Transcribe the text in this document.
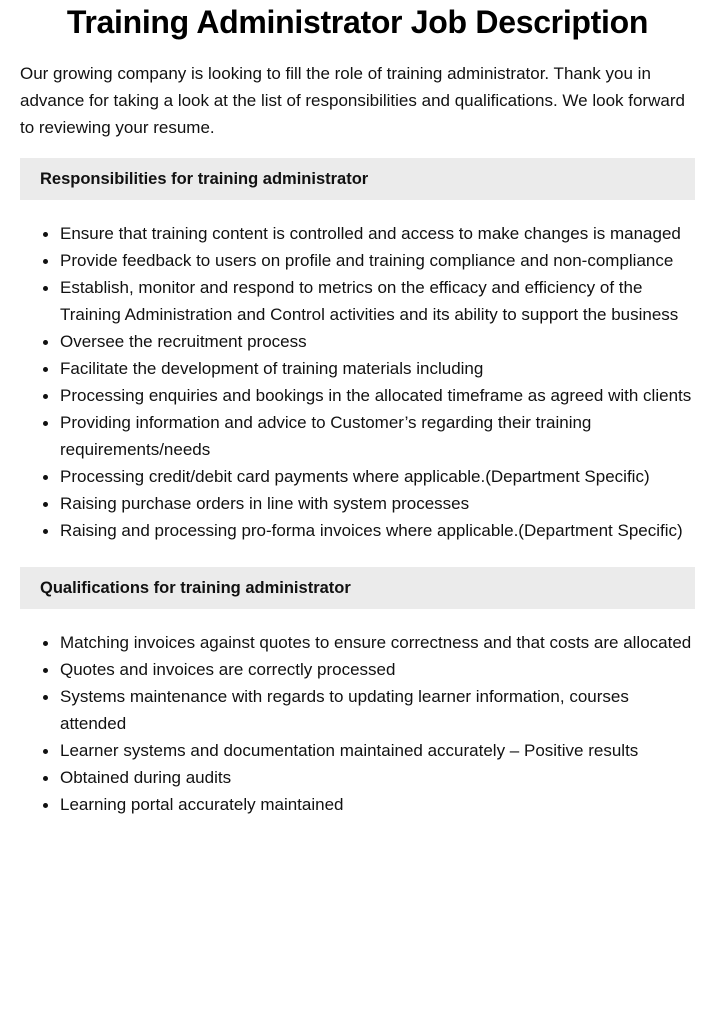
Training Administrator Job Description

Our growing company is looking to fill the role of training administrator. Thank you in advance for taking a look at the list of responsibilities and qualifications. We look forward to reviewing your resume.

Responsibilities for training administrator
Ensure that training content is controlled and access to make changes is managed
Provide feedback to users on profile and training compliance and non-compliance
Establish, monitor and respond to metrics on the efficacy and efficiency of the Training Administration and Control activities and its ability to support the business
Oversee the recruitment process
Facilitate the development of training materials including
Processing enquiries and bookings in the allocated timeframe as agreed with clients
Providing information and advice to Customer’s regarding their training requirements/needs
Processing credit/debit card payments where applicable.(Department Specific)
Raising purchase orders in line with system processes
Raising and processing pro-forma invoices where applicable.(Department Specific)
Qualifications for training administrator
Matching invoices against quotes to ensure correctness and that costs are allocated
Quotes and invoices are correctly processed
Systems maintenance with regards to updating learner information, courses attended
Learner systems and documentation maintained accurately – Positive results
Obtained during audits
Learning portal accurately maintained
